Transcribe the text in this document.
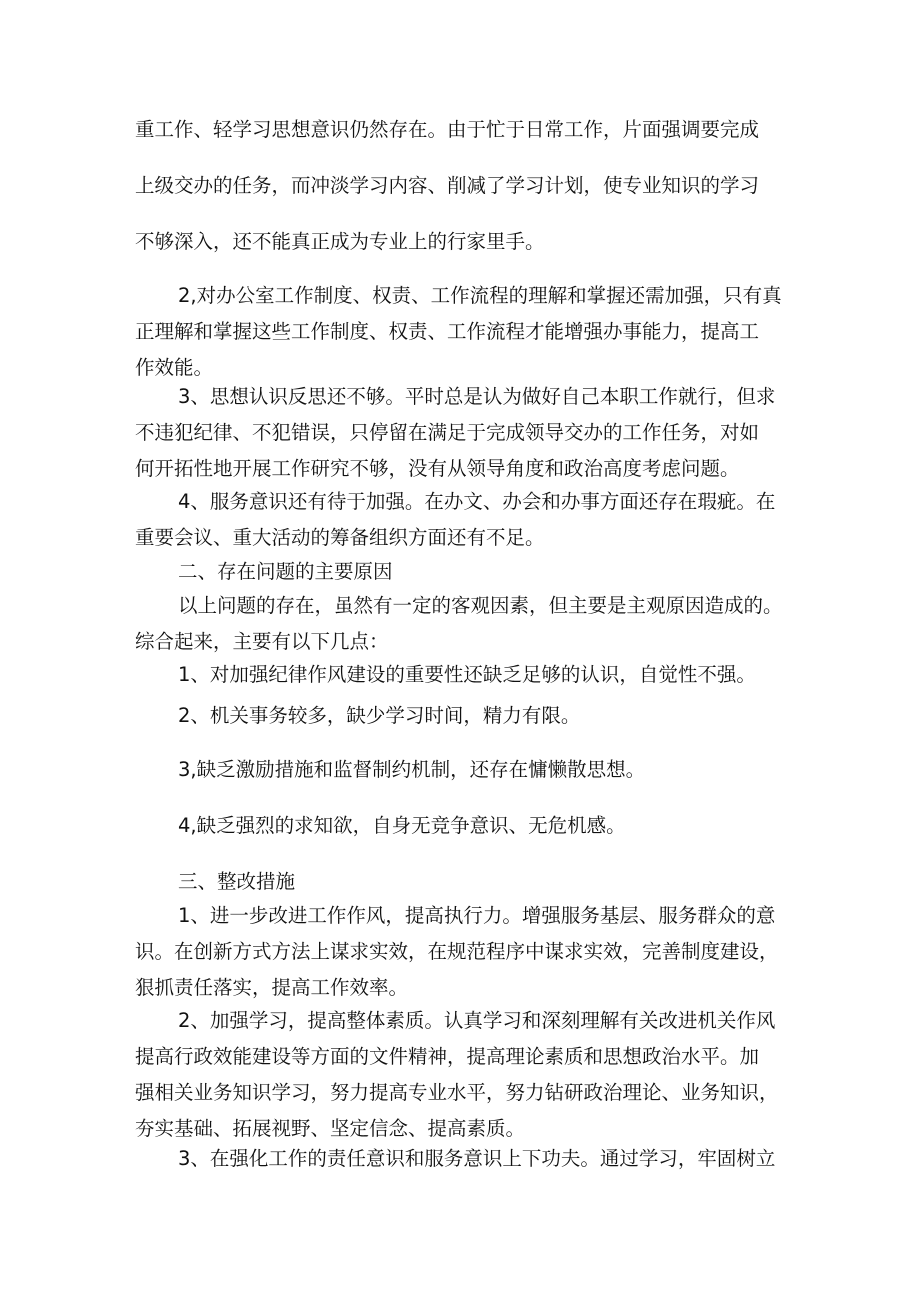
重工作、轻学习思想意识仍然存在。由于忙于日常工作，片面强调要完成

上级交办的任务，而冲淡学习内容、削减了学习计划，使专业知识的学习

不够深入，还不能真正成为专业上的行家里手。

2,对办公室工作制度、权责、工作流程的理解和掌握还需加强，只有真

正理解和掌握这些工作制度、权责、工作流程才能增强办事能力，提高工

作效能。

3、思想认识反思还不够。平时总是认为做好自己本职工作就行，但求

不违犯纪律、不犯错误，只停留在满足于完成领导交办的工作任务，对如

何开拓性地开展工作研究不够，没有从领导角度和政治高度考虑问题。

4、服务意识还有待于加强。在办文、办会和办事方面还存在瑕疵。在

重要会议、重大活动的筹备组织方面还有不足。

二、存在问题的主要原因

以上问题的存在，虽然有一定的客观因素，但主要是主观原因造成的。

综合起来，主要有以下几点：

1、对加强纪律作风建设的重要性还缺乏足够的认识，自觉性不强。

2、机关事务较多，缺少学习时间，精力有限。

3,缺乏激励措施和监督制约机制，还存在慵懒散思想。

4,缺乏强烈的求知欲，自身无竞争意识、无危机感。

三、整改措施

1、进一步改进工作作风，提高执行力。增强服务基层、服务群众的意

识。在创新方式方法上谋求实效，在规范程序中谋求实效，完善制度建设，

狠抓责任落实，提高工作效率。

2、加强学习，提高整体素质。认真学习和深刻理解有关改进机关作风

提高行政效能建设等方面的文件精神，提高理论素质和思想政治水平。加

强相关业务知识学习，努力提高专业水平，努力钻研政治理论、业务知识，

夯实基础、拓展视野、坚定信念、提高素质。

3、在强化工作的责任意识和服务意识上下功夫。通过学习，牢固树立
